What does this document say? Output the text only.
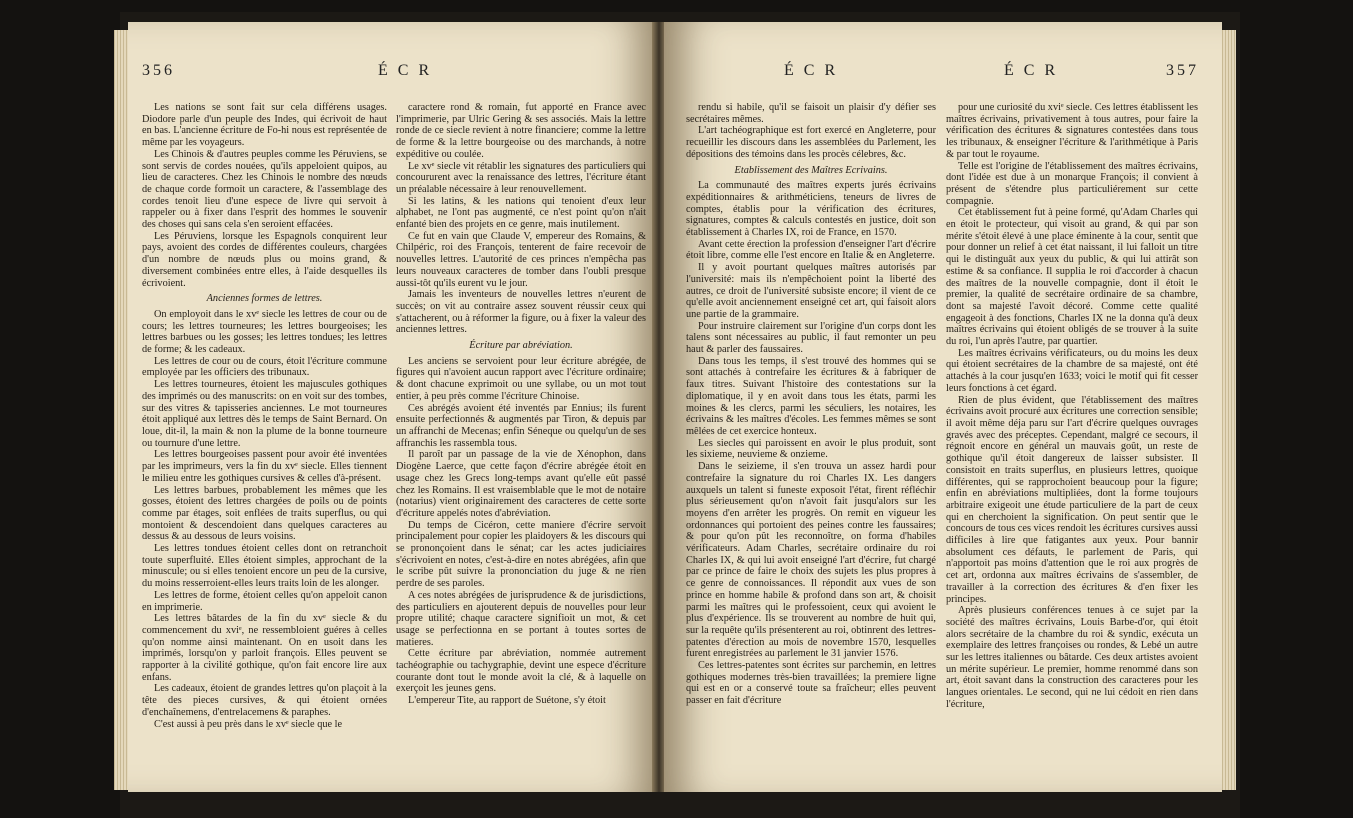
356	É C R

Les nations se sont fait sur cela différens usages. Diodore parle d'un peuple des Indes, qui écrivoit de haut en bas. L'ancienne écriture de Fo-hi nous est représentée de même par les voyageurs.

Les Chinois & d'autres peuples comme les Péruviens, se sont servis de cordes nouées, qu'ils appeloient quipos, au lieu de caracteres. Chez les Chinois le nombre des nœuds de chaque corde formoit un caractere, & l'assemblage des cordes tenoit lieu d'une espece de livre qui servoit à rappeler ou à fixer dans l'esprit des hommes le souvenir des choses qui sans cela s'en seroient effacées.

Les Péruviens, lorsque les Espagnols conquirent leur pays, avoient des cordes de différentes couleurs, chargées d'un nombre de nœuds plus ou moins grand, & diversement combinées entre elles, à l'aide desquelles ils écrivoient.

Anciennes formes de lettres.

On employoit dans le xvᵉ siecle les lettres de cour ou de cours; les lettres tourneures; les lettres bourgeoises; les lettres barbues ou les gosses; les lettres tondues; les lettres de forme; & les cadeaux.

Les lettres de cour ou de cours, étoit l'écriture commune employée par les officiers des tribunaux.

Les lettres tourneures, étoient les majuscules gothiques des imprimés ou des manuscrits: on en voit sur des tombes, sur des vitres & tapisseries anciennes. Le mot tourneures étoit appliqué aux lettres dès le temps de Saint Bernard. On loue, dit-il, la main & non la plume de la bonne tourneure ou tournure d'une lettre.

Les lettres bourgeoises passent pour avoir été inventées par les imprimeurs, vers la fin du xvᵉ siecle. Elles tiennent le milieu entre les gothiques cursives & celles d'à-présent.

Les lettres barbues, probablement les mêmes que les gosses, étoient des lettres chargées de poils ou de points comme par étages, soit enflées de traits superflus, ou qui montoient & descendoient dans quelques caracteres au dessus & au dessous de leurs voisins.

Les lettres tondues étoient celles dont on retranchoit toute superfluité. Elles étoient simples, approchant de la minuscule; ou si elles tenoient encore un peu de la cursive, du moins resserroient-elles leurs traits loin de les alonger.

Les lettres de forme, étoient celles qu'on appeloit canon en imprimerie.

Les lettres bâtardes de la fin du xvᵉ siecle & du commencement du xviᵉ, ne ressembloient guéres à celles qu'on nomme ainsi maintenant. On en usoit dans les imprimés, lorsqu'on y parloit françois. Elles peuvent se rapporter à la civilité gothique, qu'on fait encore lire aux enfans.

Les cadeaux, étoient de grandes lettres qu'on plaçoit à la tête des pieces cursives, & qui étoient ornées d'enchaînemens, d'entrelacemens & paraphes.

C'est aussi à peu près dans le xvᵉ siecle que le

caractere rond & romain, fut apporté en France avec l'imprimerie, par Ulric Gering & ses associés. Mais la lettre ronde de ce siecle revient à notre financiere; comme la lettre de forme & la lettre bourgeoise ou des marchands, à notre expéditive ou coulée.

Le xvᵉ siecle vit rétablir les signatures des particuliers qui concoururent avec la renaissance des lettres, l'écriture étant un préalable nécessaire à leur renouvellement.

Si les latins, & les nations qui tenoient d'eux leur alphabet, ne l'ont pas augmenté, ce n'est point qu'on n'ait enfanté bien des projets en ce genre, mais inutilement.

Ce fut en vain que Claude V, empereur des Romains, & Chilpéric, roi des François, tenterent de faire recevoir de nouvelles lettres. L'autorité de ces princes n'empêcha pas leurs nouveaux caracteres de tomber dans l'oubli presque aussi-tôt qu'ils eurent vu le jour.

Jamais les inventeurs de nouvelles lettres n'eurent de succès; on vit au contraire assez souvent réussir ceux qui s'attacherent, ou à réformer la figure, ou à fixer la valeur des anciennes lettres.

Écriture par abréviation.

Les anciens se servoient pour leur écriture abrégée, de figures qui n'avoient aucun rapport avec l'écriture ordinaire; & dont chacune exprimoit ou une syllabe, ou un mot tout entier, à peu près comme l'écriture Chinoise.

Ces abrégés avoient été inventés par Ennius; ils furent ensuite perfectionnés & augmentés par Tiron, & depuis par un affranchi de Mecenas; enfin Séneque ou quelqu'un de ses affranchis les rassembla tous.

Il paroît par un passage de la vie de Xénophon, dans Diogène Laerce, que cette façon d'écrire abrégée étoit en usage chez les Grecs long-temps avant qu'elle eût passé chez les Romains. Il est vraisemblable que le mot de notaire (notarius) vient originairement des caracteres de cette sorte d'écriture appelés notes d'abréviation.

Du temps de Cicéron, cette maniere d'écrire servoit principalement pour copier les plaidoyers & les discours qui se prononçoient dans le sénat; car les actes judiciaires s'écrivoient en notes, c'est-à-dire en notes abrégées, afin que le scribe pût suivre la prononciation du juge & ne rien perdre de ses paroles.

A ces notes abrégées de jurisprudence & de jurisdictions, des particuliers en ajouterent depuis de nouvelles pour leur propre utilité; chaque caractere signifioit un mot, & cet usage se perfectionna en se portant à toutes sortes de matieres.

Cette écriture par abréviation, nommée autrement tachéographie ou tachygraphie, devint une espece d'écriture courante dont tout le monde avoit la clé, & à laquelle on exerçoit les jeunes gens.

L'empereur Tite, au rapport de Suétone, s'y étoit

É C R	É C R	357

rendu si habile, qu'il se faisoit un plaisir d'y défier ses secrétaires mêmes.

L'art tachéographique est fort exercé en Angleterre, pour recueillir les discours dans les assemblées du Parlement, les dépositions des témoins dans les procès célebres, &c.

Etablissement des Maîtres Ecrivains.

La communauté des maîtres experts jurés écrivains expéditionnaires & arithméticiens, teneurs de livres de comptes, établis pour la vérification des écritures, signatures, comptes & calculs contestés en justice, doit son établissement à Charles IX, roi de France, en 1570.

Avant cette érection la profession d'enseigner l'art d'écrire étoit libre, comme elle l'est encore en Italie & en Angleterre.

Il y avoit pourtant quelques maîtres autorisés par l'université: mais ils n'empêchoient point la liberté des autres, ce droit de l'université subsiste encore; il vient de ce qu'elle avoit anciennement enseigné cet art, qui faisoit alors une partie de la grammaire.

Pour instruire clairement sur l'origine d'un corps dont les talens sont nécessaires au public, il faut remonter un peu haut & parler des faussaires.

Dans tous les temps, il s'est trouvé des hommes qui se sont attachés à contrefaire les écritures & à fabriquer de faux titres. Suivant l'histoire des contestations sur la diplomatique, il y en avoit dans tous les états, parmi les moines & les clercs, parmi les séculiers, les notaires, les écrivains & les maîtres d'écoles. Les femmes mêmes se sont mêlées de cet exercice honteux.

Les siecles qui paroissent en avoir le plus produit, sont les sixieme, neuvieme & onzieme.

Dans le seizieme, il s'en trouva un assez hardi pour contrefaire la signature du roi Charles IX. Les dangers auxquels un talent si funeste exposoit l'état, firent réfléchir plus sérieusement qu'on n'avoit fait jusqu'alors sur les moyens d'en arrêter les progrès. On remit en vigueur les ordonnances qui portoient des peines contre les faussaires; & pour qu'on pût les reconnoître, on forma d'habiles vérificateurs. Adam Charles, secrétaire ordinaire du roi Charles IX, & qui lui avoit enseigné l'art d'écrire, fut chargé par ce prince de faire le choix des sujets les plus propres à ce genre de connoissances. Il répondit aux vues de son prince en homme habile & profond dans son art, & choisit parmi les maîtres qui le professoient, ceux qui avoient le plus d'expérience. Ils se trouverent au nombre de huit qui, sur la requête qu'ils présenterent au roi, obtinrent des lettres-patentes d'érection au mois de novembre 1570, lesquelles furent enregistrées au parlement le 31 janvier 1576.

Ces lettres-patentes sont écrites sur parchemin, en lettres gothiques modernes très-bien travaillées; la premiere ligne qui est en or a conservé toute sa fraîcheur; elles peuvent passer en fait d'écriture

pour une curiosité du xviᵉ siecle. Ces lettres établissent les maîtres écrivains, privativement à tous autres, pour faire la vérification des écritures & signatures contestées dans tous les tribunaux, & enseigner l'écriture & l'arithmétique à Paris & par tout le royaume.

Telle est l'origine de l'établissement des maîtres écrivains, dont l'idée est due à un monarque François; il convient à présent de s'étendre plus particuliérement sur cette compagnie.

Cet établissement fut à peine formé, qu'Adam Charles qui en étoit le protecteur, qui visoit au grand, & qui par son mérite s'étoit élevé à une place éminente à la cour, sentit que pour donner un relief à cet état naissant, il lui falloit un titre qui le distinguât aux yeux du public, & qui lui attirât son estime & sa confiance. Il supplia le roi d'accorder à chacun des maîtres de la nouvelle compagnie, dont il étoit le premier, la qualité de secrétaire ordinaire de sa chambre, dont sa majesté l'avoit décoré. Comme cette qualité engageoit à des fonctions, Charles IX ne la donna qu'à deux maîtres écrivains qui étoient obligés de se trouver à la suite du roi, l'un après l'autre, par quartier.

Les maîtres écrivains vérificateurs, ou du moins les deux qui étoient secrétaires de la chambre de sa majesté, ont été attachés à la cour jusqu'en 1633; voici le motif qui fit cesser leurs fonctions à cet égard.

Rien de plus évident, que l'établissement des maîtres écrivains avoit procuré aux écritures une correction sensible; il avoit même déja paru sur l'art d'écrire quelques ouvrages gravés avec des préceptes. Cependant, malgré ce secours, il régnoit encore en général un mauvais goût, un reste de gothique qu'il étoit dangereux de laisser subsister. Il consistoit en traits superflus, en plusieurs lettres, quoique différentes, qui se rapprochoient beaucoup pour la figure; enfin en abréviations multipliées, dont la forme toujours arbitraire exigeoit une étude particuliere de la part de ceux qui en cherchoient la signification. On peut sentir que le concours de tous ces vices rendoit les écritures cursives aussi difficiles à lire que fatigantes aux yeux. Pour bannir absolument ces défauts, le parlement de Paris, qui n'apportoit pas moins d'attention que le roi aux progrès de cet art, ordonna aux maîtres écrivains de s'assembler, de travailler à la correction des écritures & d'en fixer les principes.

Après plusieurs conférences tenues à ce sujet par la société des maîtres écrivains, Louis Barbe-d'or, qui étoit alors secrétaire de la chambre du roi & syndic, exécuta un exemplaire des lettres françoises ou rondes, & Lebé un autre sur les lettres italiennes ou bâtarde. Ces deux artistes avoient un mérite supérieur. Le premier, homme renommé dans son art, étoit savant dans la construction des caracteres pour les langues orientales. Le second, qui ne lui cédoit en rien dans l'écriture,
